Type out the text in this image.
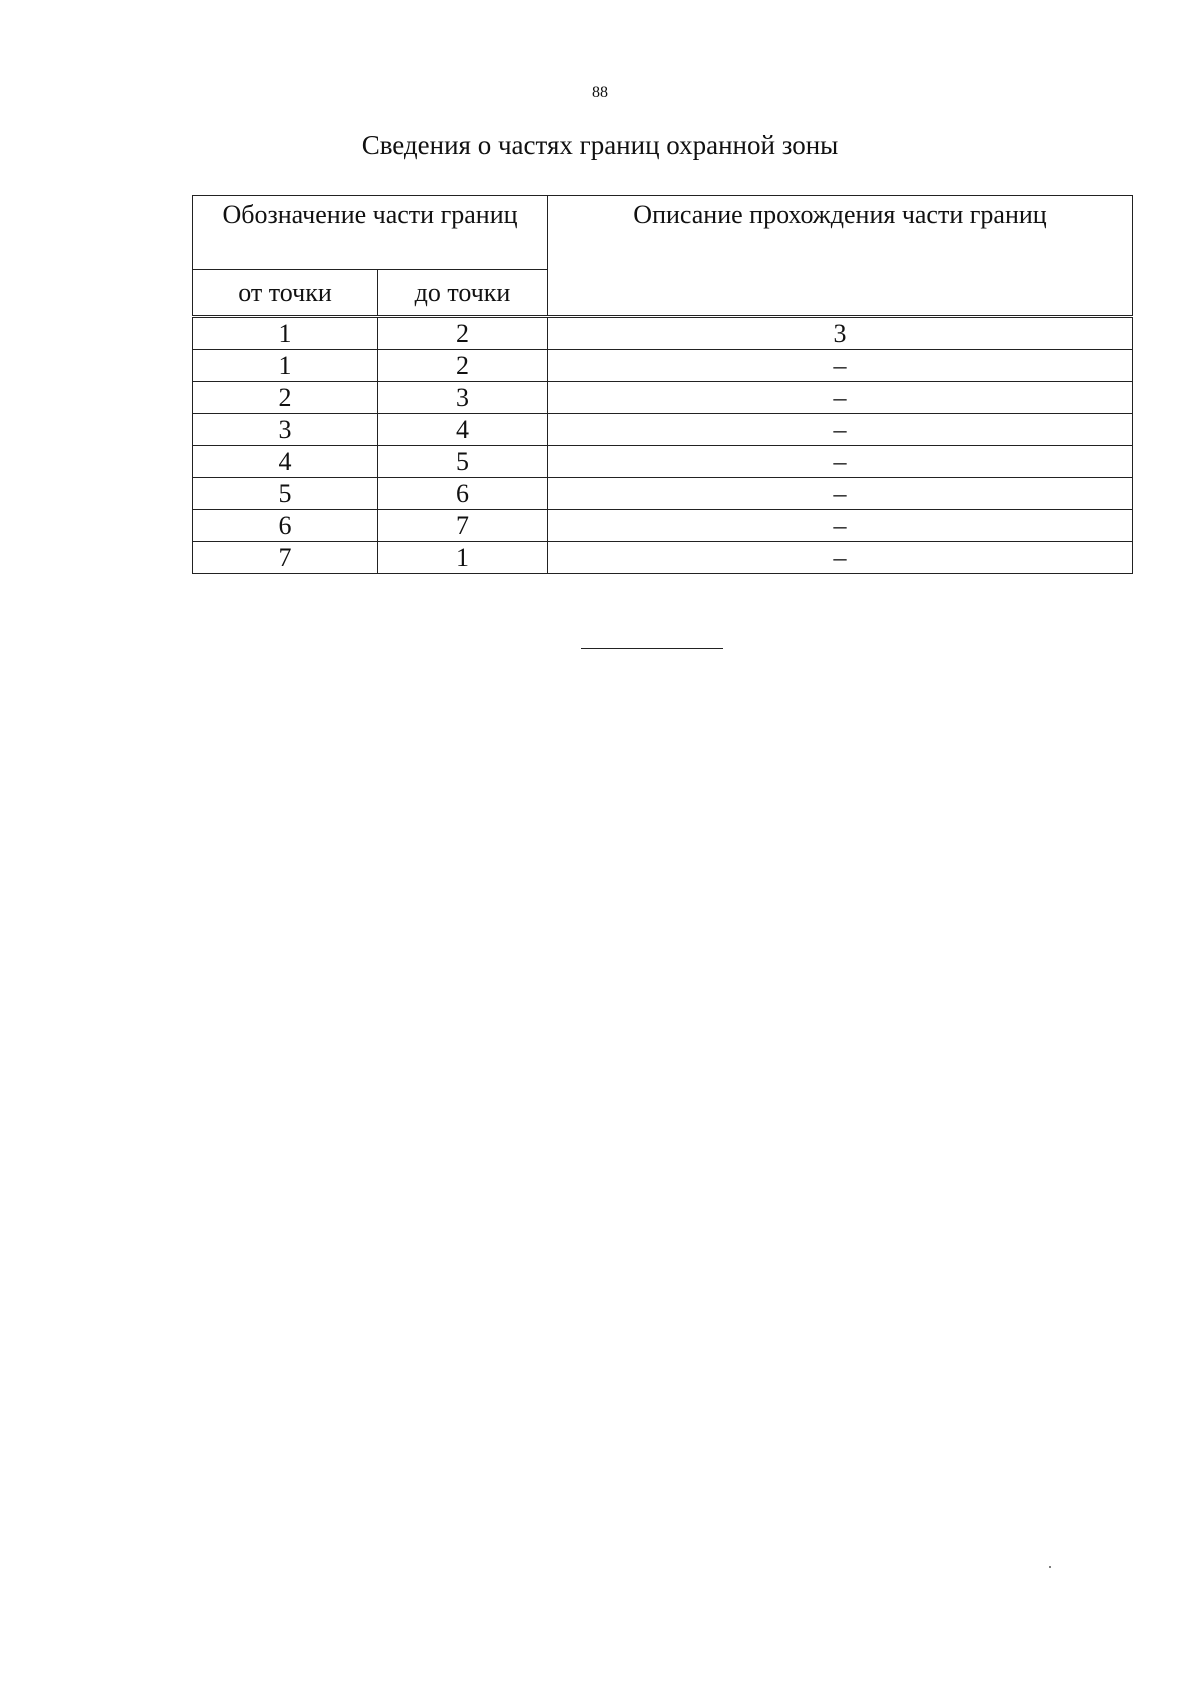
88
Сведения о частях границ охранной зоны
Обозначение части границ		Описание прохождения части границ
от точки	до точки	
1	2	3
1	2	–
2	3	–
3	4	–
4	5	–
5	6	–
6	7	–
7	1	–
